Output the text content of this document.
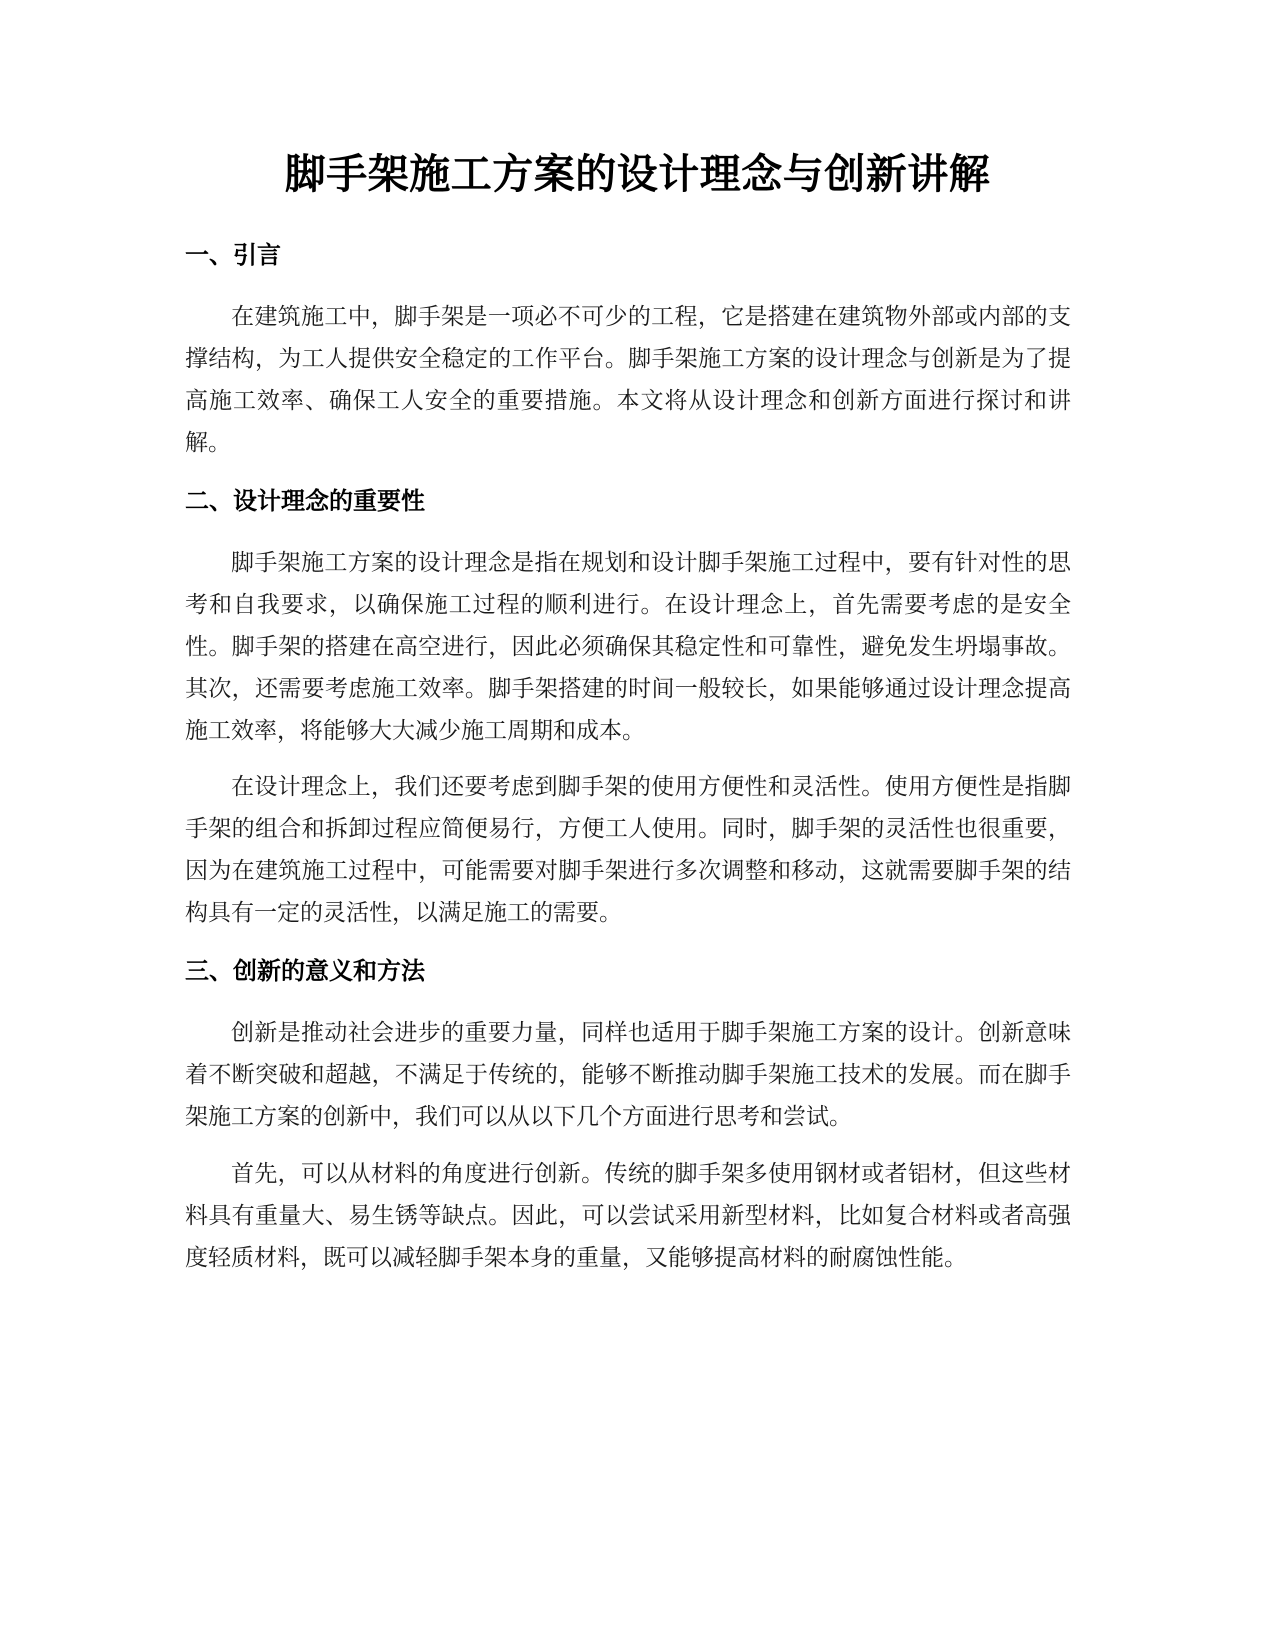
脚手架施工方案的设计理念与创新讲解
一、引言

在建筑施工中，脚手架是一项必不可少的工程，它是搭建在建筑物外部或内部的支撑结构，为工人提供安全稳定的工作平台。脚手架施工方案的设计理念与创新是为了提高施工效率、确保工人安全的重要措施。本文将从设计理念和创新方面进行探讨和讲解。

二、设计理念的重要性

脚手架施工方案的设计理念是指在规划和设计脚手架施工过程中，要有针对性的思考和自我要求，以确保施工过程的顺利进行。在设计理念上，首先需要考虑的是安全性。脚手架的搭建在高空进行，因此必须确保其稳定性和可靠性，避免发生坍塌事故。其次，还需要考虑施工效率。脚手架搭建的时间一般较长，如果能够通过设计理念提高施工效率，将能够大大减少施工周期和成本。

在设计理念上，我们还要考虑到脚手架的使用方便性和灵活性。使用方便性是指脚手架的组合和拆卸过程应简便易行，方便工人使用。同时，脚手架的灵活性也很重要，因为在建筑施工过程中，可能需要对脚手架进行多次调整和移动，这就需要脚手架的结构具有一定的灵活性，以满足施工的需要。

三、创新的意义和方法

创新是推动社会进步的重要力量，同样也适用于脚手架施工方案的设计。创新意味着不断突破和超越，不满足于传统的，能够不断推动脚手架施工技术的发展。而在脚手架施工方案的创新中，我们可以从以下几个方面进行思考和尝试。

首先，可以从材料的角度进行创新。传统的脚手架多使用钢材或者铝材，但这些材料具有重量大、易生锈等缺点。因此，可以尝试采用新型材料，比如复合材料或者高强度轻质材料，既可以减轻脚手架本身的重量，又能够提高材料的耐腐蚀性能。
